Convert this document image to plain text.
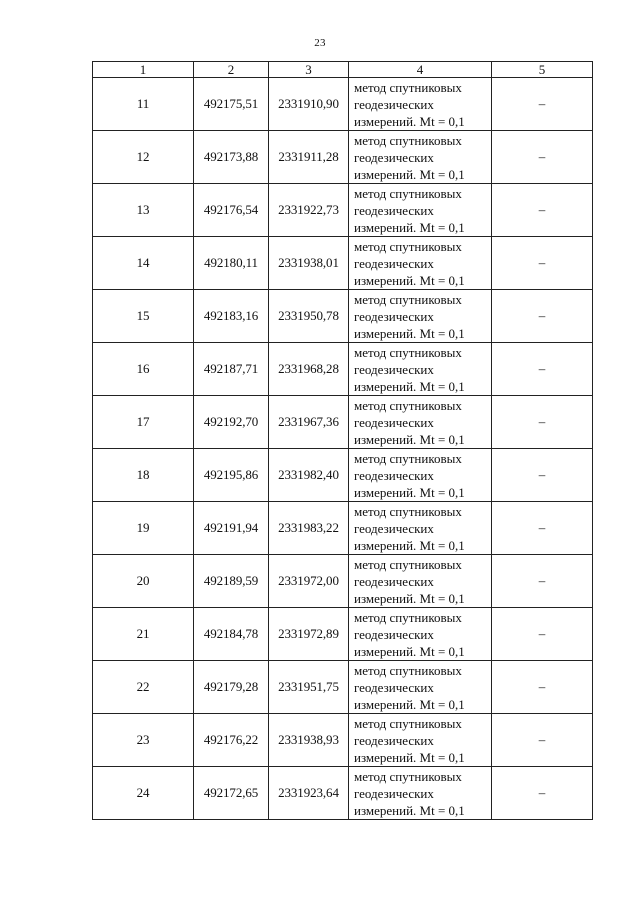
23
1	2	3	4	5
11	492175,51	2331910,90	метод спутниковых
геодезических
измерений. Mt = 0,1	–
12	492173,88	2331911,28	метод спутниковых
геодезических
измерений. Mt = 0,1	–
13	492176,54	2331922,73	метод спутниковых
геодезических
измерений. Mt = 0,1	–
14	492180,11	2331938,01	метод спутниковых
геодезических
измерений. Mt = 0,1	–
15	492183,16	2331950,78	метод спутниковых
геодезических
измерений. Mt = 0,1	–
16	492187,71	2331968,28	метод спутниковых
геодезических
измерений. Mt = 0,1	–
17	492192,70	2331967,36	метод спутниковых
геодезических
измерений. Mt = 0,1	–
18	492195,86	2331982,40	метод спутниковых
геодезических
измерений. Mt = 0,1	–
19	492191,94	2331983,22	метод спутниковых
геодезических
измерений. Mt = 0,1	–
20	492189,59	2331972,00	метод спутниковых
геодезических
измерений. Mt = 0,1	–
21	492184,78	2331972,89	метод спутниковых
геодезических
измерений. Mt = 0,1	–
22	492179,28	2331951,75	метод спутниковых
геодезических
измерений. Mt = 0,1	–
23	492176,22	2331938,93	метод спутниковых
геодезических
измерений. Mt = 0,1	–
24	492172,65	2331923,64	метод спутниковых
геодезических
измерений. Mt = 0,1	–
